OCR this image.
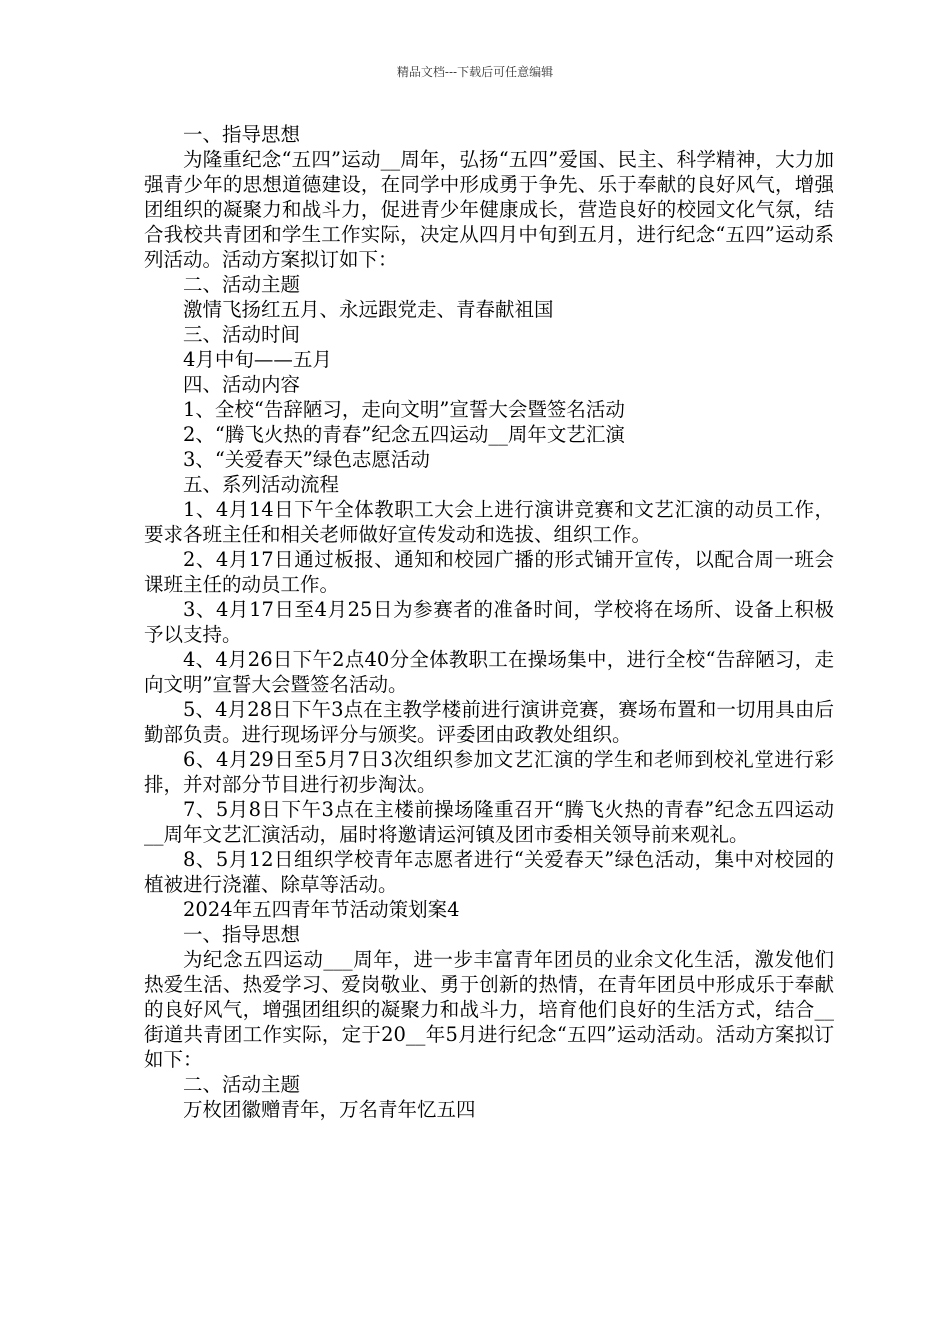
精品文档---下载后可任意编辑

一、指导思想

为隆重纪念“五四”运动__周年，弘扬“五四”爱国、民主、科学精神，大力加强青少年的思想道德建设，在同学中形成勇于争先、乐于奉献的良好风气，增强团组织的凝聚力和战斗力，促进青少年健康成长，营造良好的校园文化气氛，结合我校共青团和学生工作实际，决定从四月中旬到五月，进行纪念“五四”运动系列活动。活动方案拟订如下：

二、活动主题

激情飞扬红五月、永远跟党走、青春献祖国

三、活动时间

4月中旬——五月

四、活动内容

1、全校“告辞陋习，走向文明”宣誓大会暨签名活动

2、“腾飞火热的青春”纪念五四运动__周年文艺汇演

3、“关爱春天”绿色志愿活动

五、系列活动流程

1、4月14日下午全体教职工大会上进行演讲竞赛和文艺汇演的动员工作，要求各班主任和相关老师做好宣传发动和选拔、组织工作。

2、4月17日通过板报、通知和校园广播的形式铺开宣传，以配合周一班会课班主任的动员工作。

3、4月17日至4月25日为参赛者的准备时间，学校将在场所、设备上积极予以支持。

4、4月26日下午2点40分全体教职工在操场集中，进行全校“告辞陋习，走向文明”宣誓大会暨签名活动。

5、4月28日下午3点在主教学楼前进行演讲竞赛，赛场布置和一切用具由后勤部负责。进行现场评分与颁奖。评委团由政教处组织。

6、4月29日至5月7日3次组织参加文艺汇演的学生和老师到校礼堂进行彩排，并对部分节目进行初步淘汰。

7、5月8日下午3点在主楼前操场隆重召开“腾飞火热的青春”纪念五四运动__周年文艺汇演活动，届时将邀请运河镇及团市委相关领导前来观礼。

8、5月12日组织学校青年志愿者进行“关爱春天”绿色活动，集中对校园的植被进行浇灌、除草等活动。

2024年五四青年节活动策划案4

一、指导思想

为纪念五四运动___周年，进一步丰富青年团员的业余文化生活，激发他们热爱生活、热爱学习、爱岗敬业、勇于创新的热情，在青年团员中形成乐于奉献的良好风气，增强团组织的凝聚力和战斗力，培育他们良好的生活方式，结合__街道共青团工作实际，定于20__年5月进行纪念“五四”运动活动。活动方案拟订如下：

二、活动主题

万枚团徽赠青年，万名青年忆五四
